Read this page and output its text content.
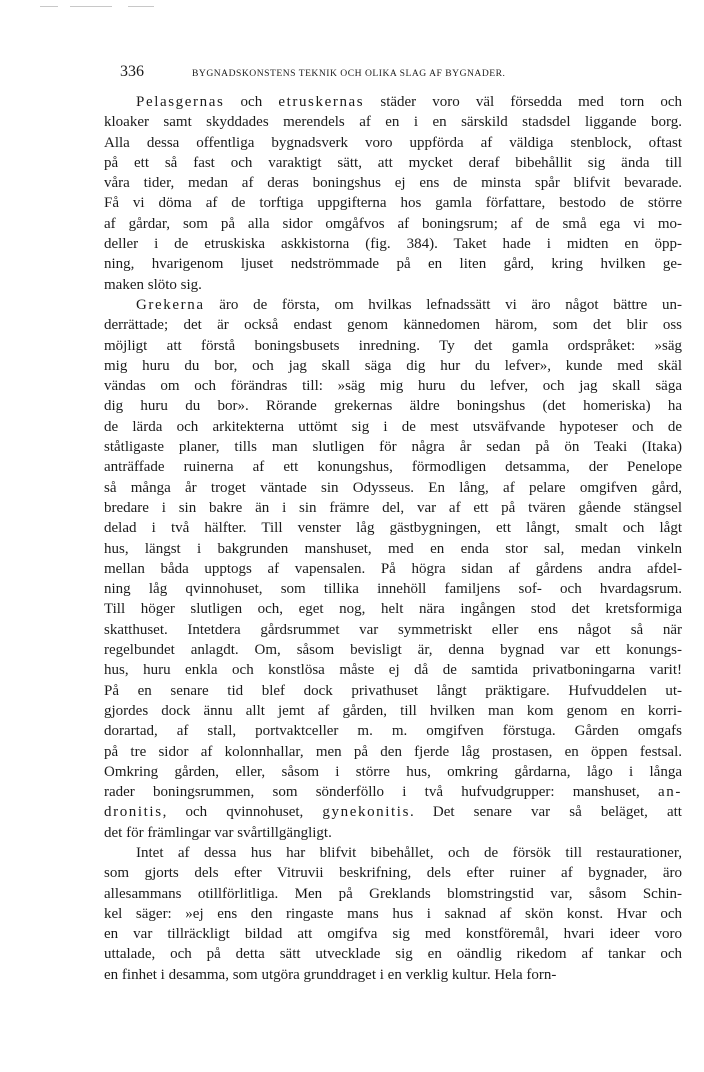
336	BYGNADSKONSTENS TEKNIK OCH OLIKA SLAG AF BYGNADER.
Pelasgernas och etruskernas städer voro väl försedda med torn och
kloaker samt skyddades merendels af en i en särskild stadsdel liggande borg.
Alla dessa offentliga bygnadsverk voro uppförda af väldiga stenblock, oftast
på ett så fast och varaktigt sätt, att mycket deraf bibehållit sig ända till
våra tider, medan af deras boningshus ej ens de minsta spår blifvit bevarade.
Få vi döma af de torftiga uppgifterna hos gamla författare, bestodo de större
af gårdar, som på alla sidor omgåfvos af boningsrum; af de små ega vi mo-
deller i de etruskiska askkistorna (fig. 384). Taket hade i midten en öpp-
ning, hvarigenom ljuset nedströmmade på en liten gård, kring hvilken ge-
maken slöto sig.
Grekerna äro de första, om hvilkas lefnadssätt vi äro något bättre un-
derrättade; det är också endast genom kännedomen härom, som det blir oss
möjligt att förstå boningsbusets inredning. Ty det gamla ordspråket: »säg
mig huru du bor, och jag skall säga dig hur du lefver», kunde med skäl
vändas om och förändras till: »säg mig huru du lefver, och jag skall säga
dig huru du bor». Rörande grekernas äldre boningshus (det homeriska) ha
de lärda och arkitekterna uttömt sig i de mest utsväfvande hypoteser och de
ståtligaste planer, tills man slutligen för några år sedan på ön Teaki (Itaka)
anträffade ruinerna af ett konungshus, förmodligen detsamma, der Penelope
så många år troget väntade sin Odysseus. En lång, af pelare omgifven gård,
bredare i sin bakre än i sin främre del, var af ett på tvären gående stängsel
delad i två hälfter. Till venster låg gästbygningen, ett långt, smalt och lågt
hus, längst i bakgrunden manshuset, med en enda stor sal, medan vinkeln
mellan båda upptogs af vapensalen. På högra sidan af gårdens andra afdel-
ning låg qvinnohuset, som tillika innehöll familjens sof- och hvardagsrum.
Till höger slutligen och, eget nog, helt nära ingången stod det kretsformiga
skatthuset. Intetdera gårdsrummet var symmetriskt eller ens något så när
regelbundet anlagdt. Om, såsom bevisligt är, denna bygnad var ett konungs-
hus, huru enkla och konstlösa måste ej då de samtida privatboningarna varit!
På en senare tid blef dock privathuset långt präktigare. Hufvuddelen ut-
gjordes dock ännu allt jemt af gården, till hvilken man kom genom en korri-
dorartad, af stall, portvaktceller m. m. omgifven förstuga. Gården omgafs
på tre sidor af kolonnhallar, men på den fjerde låg prostasen, en öppen festsal.
Omkring gården, eller, såsom i större hus, omkring gårdarna, lågo i långa
rader boningsrummen, som sönderföllo i två hufvudgrupper: manshuset, an-
dronitis, och qvinnohuset, gynekonitis. Det senare var så beläget, att
det för främlingar var svårtillgängligt.
Intet af dessa hus har blifvit bibehållet, och de försök till restaurationer,
som gjorts dels efter Vitruvii beskrifning, dels efter ruiner af bygnader, äro
allesammans otillförlitliga. Men på Greklands blomstringstid var, såsom Schin-
kel säger: »ej ens den ringaste mans hus i saknad af skön konst. Hvar och
en var tillräckligt bildad att omgifva sig med konstföremål, hvari ideer voro
uttalade, och på detta sätt utvecklade sig en oändlig rikedom af tankar och
en finhet i desamma, som utgöra grunddraget i en verklig kultur. Hela forn-
